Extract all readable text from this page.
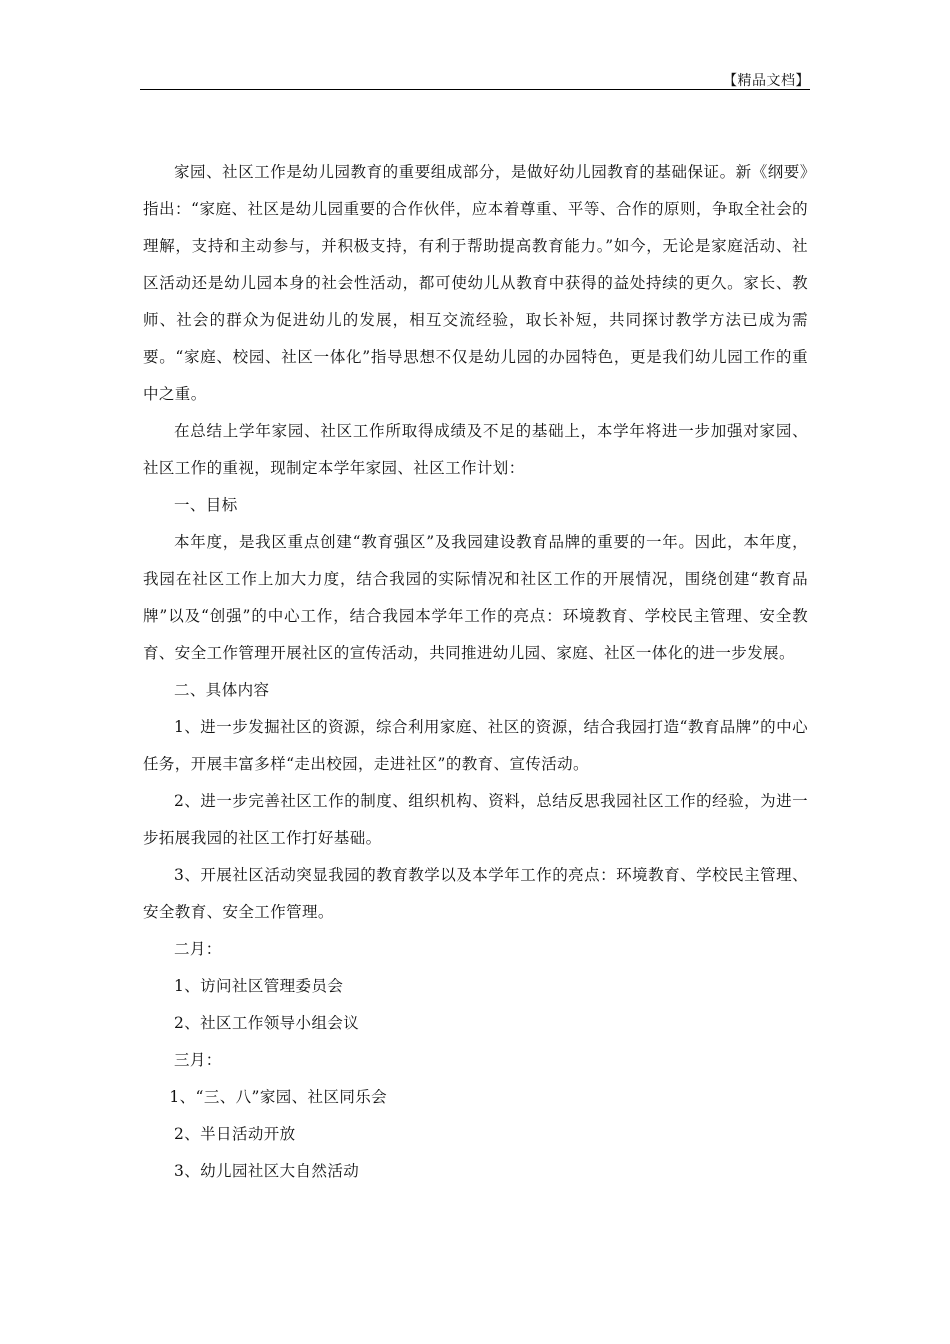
【精品文档】

家园、社区工作是幼儿园教育的重要组成部分，是做好幼儿园教育的基础保证。新《纲要》指出：“家庭、社区是幼儿园重要的合作伙伴，应本着尊重、平等、合作的原则，争取全社会的理解，支持和主动参与，并积极支持，有利于帮助提高教育能力。”如今，无论是家庭活动、社区活动还是幼儿园本身的社会性活动，都可使幼儿从教育中获得的益处持续的更久。家长、教师、社会的群众为促进幼儿的发展，相互交流经验，取长补短，共同探讨教学方法已成为需要。“家庭、校园、社区一体化”指导思想不仅是幼儿园的办园特色，更是我们幼儿园工作的重中之重。

在总结上学年家园、社区工作所取得成绩及不足的基础上，本学年将进一步加强对家园、社区工作的重视，现制定本学年家园、社区工作计划：

一、目标

本年度，是我区重点创建“教育强区”及我园建设教育品牌的重要的一年。因此，本年度，我园在社区工作上加大力度，结合我园的实际情况和社区工作的开展情况，围绕创建“教育品牌”以及“创强”的中心工作，结合我园本学年工作的亮点：环境教育、学校民主管理、安全教育、安全工作管理开展社区的宣传活动，共同推进幼儿园、家庭、社区一体化的进一步发展。

二、具体内容

1、进一步发掘社区的资源，综合利用家庭、社区的资源，结合我园打造“教育品牌”的中心任务，开展丰富多样“走出校园，走进社区”的教育、宣传活动。

2、进一步完善社区工作的制度、组织机构、资料，总结反思我园社区工作的经验，为进一步拓展我园的社区工作打好基础。

3、开展社区活动突显我园的教育教学以及本学年工作的亮点：环境教育、学校民主管理、安全教育、安全工作管理。

二月：

1、访问社区管理委员会

2、社区工作领导小组会议

三月：

1、“三、八”家园、社区同乐会

2、半日活动开放

3、幼儿园社区大自然活动
